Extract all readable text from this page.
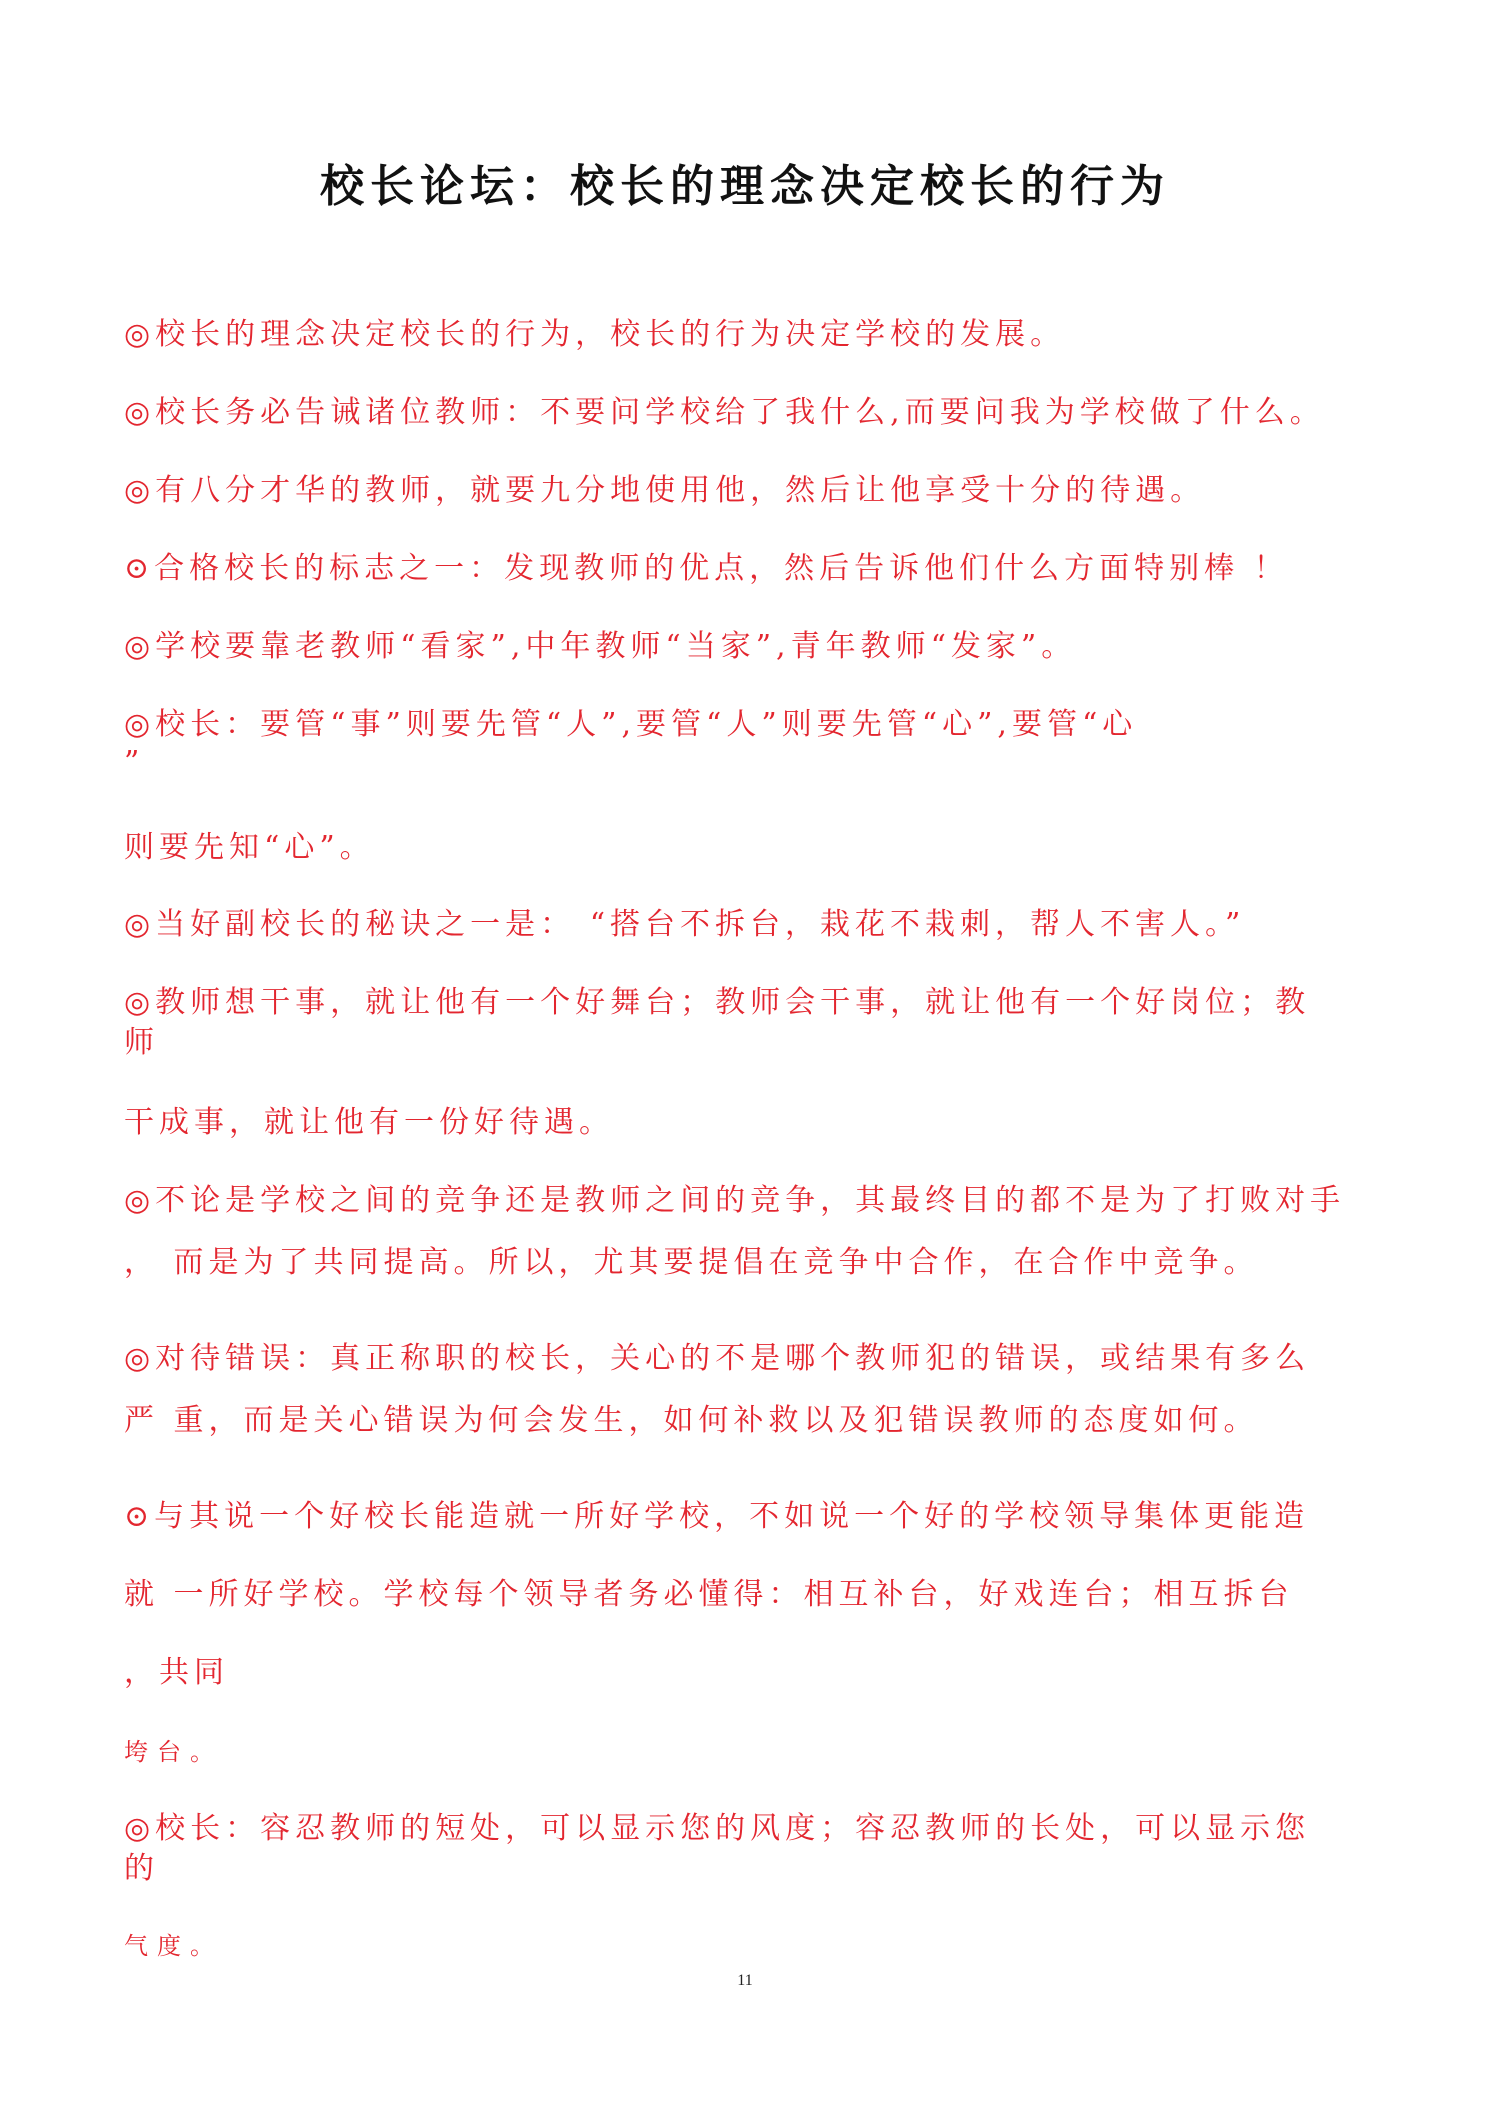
校长论坛：校长的理念决定校长的行为
◎校长的理念决定校长的行为，校长的行为决定学校的发展。
◎校长务必告诫诸位教师：不要问学校给了我什么,而要问我为学校做了什么。
◎有八分才华的教师，就要九分地使用他，然后让他享受十分的待遇。
⊙合格校长的标志之一：发现教师的优点，然后告诉他们什么方面特别棒 ！
◎学校要靠老教师“看家”,中年教师“当家”,青年教师“发家”。
◎校长：要管“事”则要先管“人”,要管“人”则要先管“心”,要管“心
”
则要先知“心”。
◎当好副校长的秘诀之一是： “搭台不拆台，栽花不栽刺，帮人不害人。”
◎教师想干事，就让他有一个好舞台；教师会干事，就让他有一个好岗位；教
师
干成事，就让他有一份好待遇。
◎不论是学校之间的竞争还是教师之间的竞争，其最终目的都不是为了打败对手
， 而是为了共同提高。所以，尤其要提倡在竞争中合作，在合作中竞争。
◎对待错误：真正称职的校长，关心的不是哪个教师犯的错误，或结果有多么
严 重，而是关心错误为何会发生，如何补救以及犯错误教师的态度如何。
⊙与其说一个好校长能造就一所好学校，不如说一个好的学校领导集体更能造
就 一所好学校。学校每个领导者务必懂得：相互补台，好戏连台；相互拆台
，共同
垮台。
◎校长：容忍教师的短处，可以显示您的风度；容忍教师的长处，可以显示您
的
气度。
11
